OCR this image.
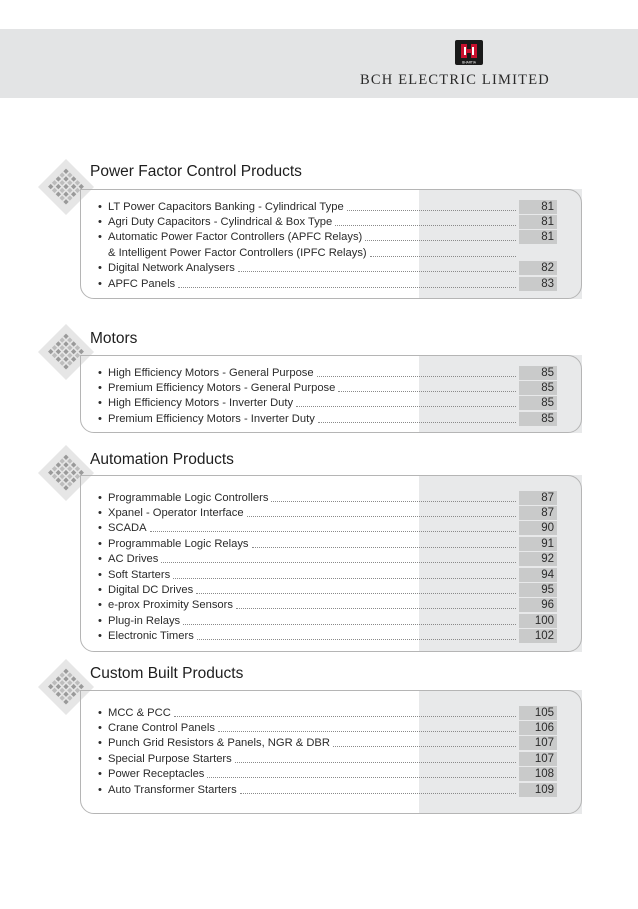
BHARTIA
BCH ELECTRIC LIMITED
Power Factor Control Products
• LT Power Capacitors Banking - Cylindrical Type	81
• Agri Duty Capacitors - Cylindrical & Box Type	81
• Automatic Power Factor Controllers (APFC Relays)	81
& Intelligent Power Factor Controllers (IPFC Relays)
• Digital Network Analysers	82
• APFC Panels	83
Motors
• High Efficiency Motors - General Purpose	85
• Premium Efficiency Motors - General Purpose	85
• High Efficiency Motors - Inverter Duty	85
• Premium Efficiency Motors - Inverter Duty	85
Automation Products
• Programmable Logic Controllers	87
• Xpanel - Operator Interface	87
• SCADA	90
• Programmable Logic Relays	91
• AC Drives	92
• Soft Starters	94
• Digital DC Drives	95
• e-prox Proximity Sensors	96
• Plug-in Relays	100
• Electronic Timers	102
Custom Built Products
• MCC & PCC	105
• Crane Control Panels	106
• Punch Grid Resistors & Panels, NGR & DBR	107
• Special Purpose Starters	107
• Power Receptacles	108
• Auto Transformer Starters	109
